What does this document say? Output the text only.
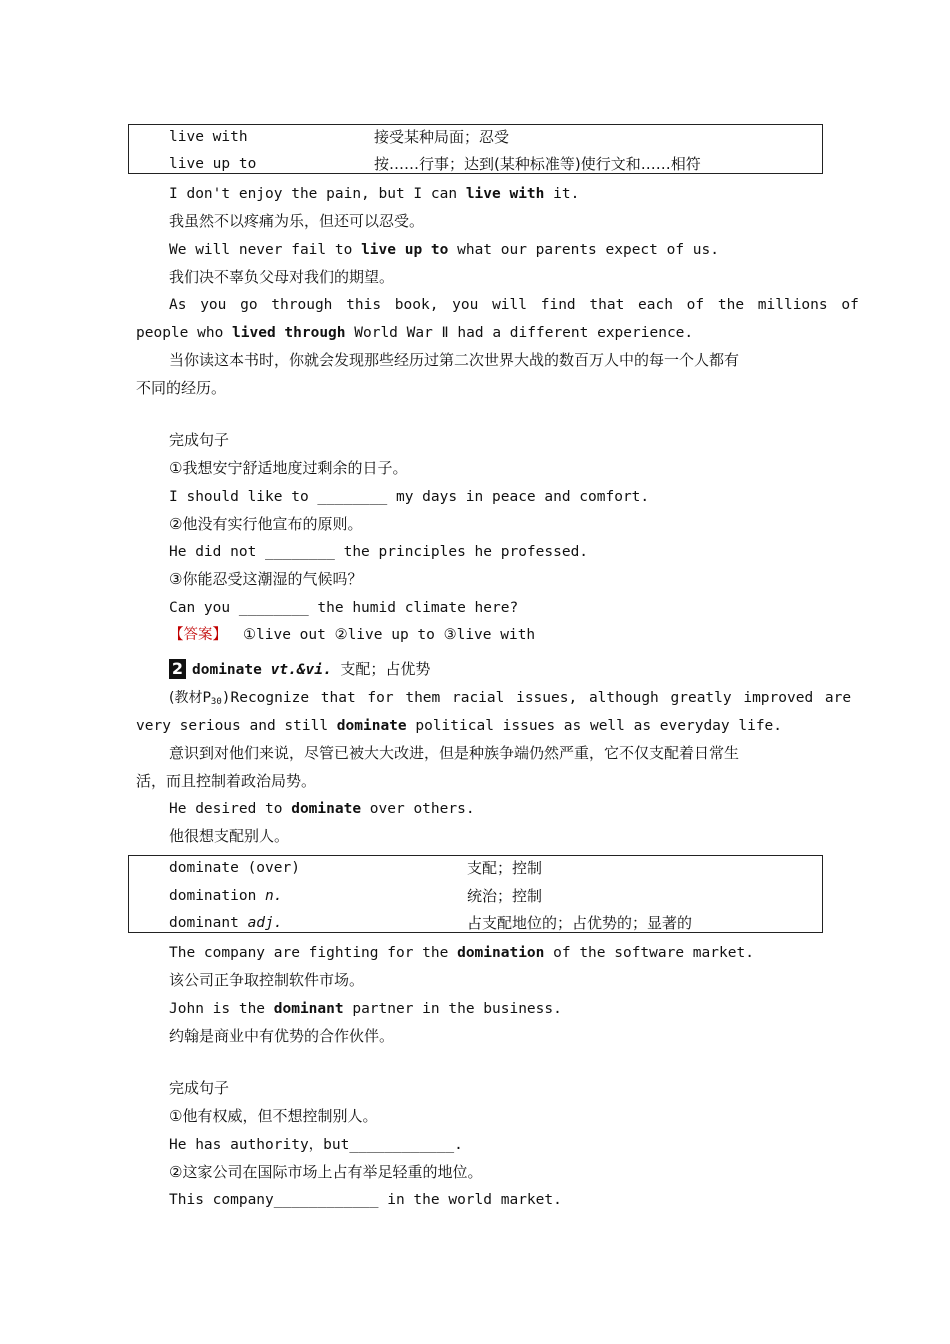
live with	接受某种局面；忍受
live up to	按……行事；达到(某种标准等)使行文和……相符
I don't enjoy the pain, but I can live with it.
我虽然不以疼痛为乐，但还可以忍受。
We will never fail to live up to what our parents expect of us.
我们决不辜负父母对我们的期望。
As you go through this book, you will find that each of the millions of
people who lived through World War Ⅱ had a different experience.
当你读这本书时，你就会发现那些经历过第二次世界大战的数百万人中的每一个人都有
不同的经历。
完成句子
①我想安宁舒适地度过剩余的日子。
I should like to ________ my days in peace and comfort.
②他没有实行他宣布的原则。
He did not ________ the principles he professed.
③你能忍受这潮湿的气候吗？
Can you ________ the humid climate here?
【答案】 ①live out ②live up to ③live with
2 dominate vt.&vi. 支配；占优势
(教材$P_{30})Recognize$ that for them racial issues, although greatly improved are
very serious and still dominate political issues as well as everyday life.
意识到对他们来说，尽管已被大大改进，但是种族争端仍然严重，它不仅支配着日常生
活，而且控制着政治局势。
He desired to dominate over others.
他很想支配别人。
dominate (over)	支配；控制
domination n.	统治；控制
dominant adj.	占支配地位的；占优势的；显著的
The company are fighting for the domination of the software market.
该公司正争取控制软件市场。
John is the dominant partner in the business.
约翰是商业中有优势的合作伙伴。
完成句子
①他有权威，但不想控制别人。
He has authority，but____________.
②这家公司在国际市场上占有举足轻重的地位。
This company____________ in the world market.
